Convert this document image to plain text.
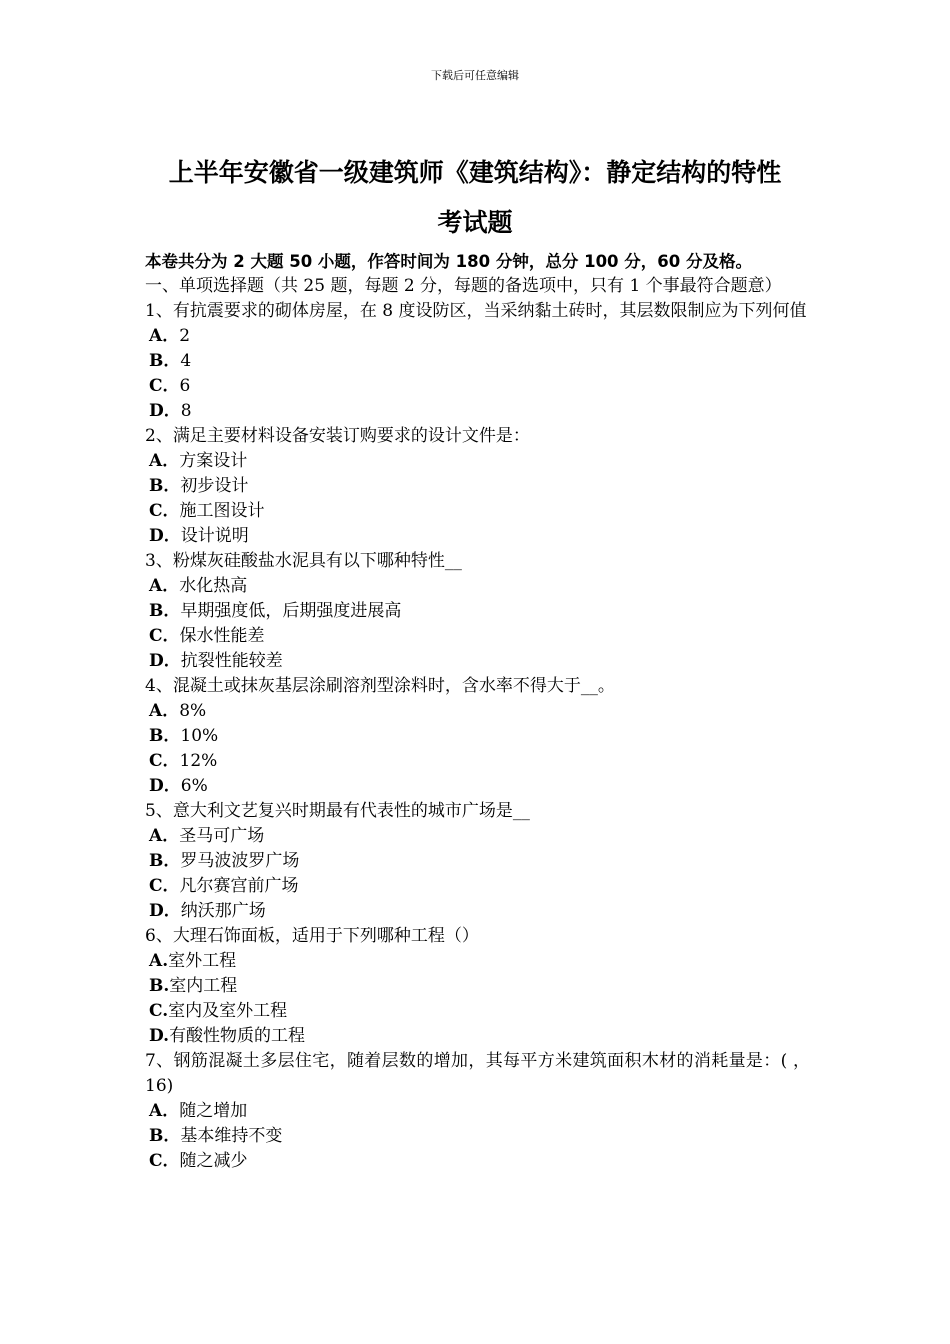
下载后可任意编辑
上半年安徽省一级建筑师《建筑结构》：静定结构的特性
考试题
本卷共分为 2 大题 50 小题，作答时间为 180 分钟，总分 100 分，60 分及格。
一、单项选择题（共 25 题，每题 2 分，每题的备选项中，只有 1 个事最符合题意）
1、有抗震要求的砌体房屋，在 8 度设防区，当采纳黏土砖时，其层数限制应为下列何值
A．2
B．4
C．6
D．8
2、满足主要材料设备安装订购要求的设计文件是：
A．方案设计
B．初步设计
C．施工图设计
D．设计说明
3、粉煤灰硅酸盐水泥具有以下哪种特性__
A．水化热高
B．早期强度低，后期强度进展高
C．保水性能差
D．抗裂性能较差
4、混凝土或抹灰基层涂刷溶剂型涂料时，含水率不得大于__。
A．8%
B．10%
C．12%
D．6%
5、意大利文艺复兴时期最有代表性的城市广场是__
A．圣马可广场
B．罗马波波罗广场
C．凡尔赛宫前广场
D．纳沃那广场
6、大理石饰面板，适用于下列哪种工程（）
A.室外工程
B.室内工程
C.室内及室外工程
D.有酸性物质的工程
7、钢筋混凝土多层住宅，随着层数的增加，其每平方米建筑面积木材的消耗量是：( ，16)
A．随之增加
B．基本维持不变
C．随之减少
